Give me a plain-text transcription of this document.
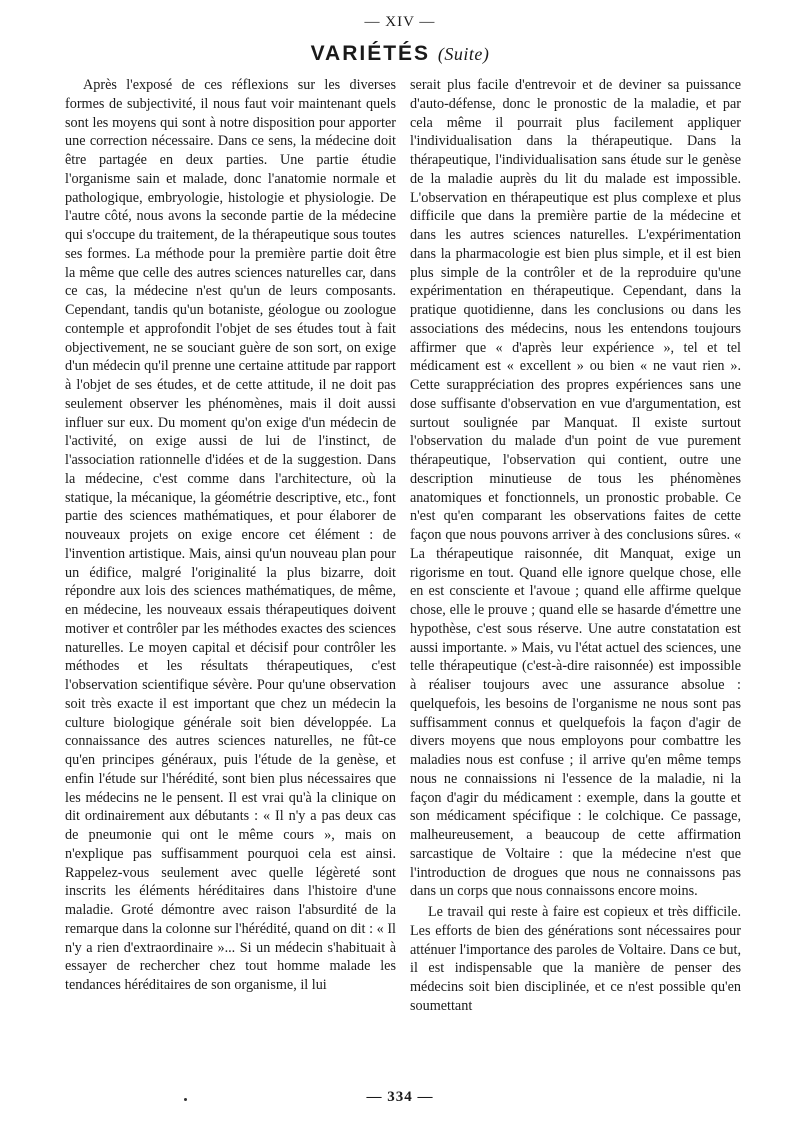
— XIV —
VARIÉTÉS (Suite)

Après l'exposé de ces réflexions sur les diverses formes de subjectivité, il nous faut voir maintenant quels sont les moyens qui sont à notre disposition pour apporter une correction nécessaire. Dans ce sens, la médecine doit être partagée en deux parties. Une partie étudie l'organisme sain et malade, donc l'anatomie normale et pathologique, embryologie, histologie et physiologie. De l'autre côté, nous avons la seconde partie de la médecine qui s'occupe du traitement, de la thérapeutique sous toutes ses formes. La méthode pour la première partie doit être la même que celle des autres sciences naturelles car, dans ce cas, la médecine n'est qu'un de leurs composants. Cependant, tandis qu'un botaniste, géologue ou zoologue contemple et approfondit l'objet de ses études tout à fait objectivement, ne se souciant guère de son sort, on exige d'un médecin qu'il prenne une certaine attitude par rapport à l'objet de ses études, et de cette attitude, il ne doit pas seulement observer les phénomènes, mais il doit aussi influer sur eux. Du moment qu'on exige d'un médecin de l'activité, on exige aussi de lui de l'instinct, de l'association rationnelle d'idées et de la suggestion. Dans la médecine, c'est comme dans l'architecture, où la statique, la mécanique, la géométrie descriptive, etc., font partie des sciences mathématiques, et pour élaborer de nouveaux projets on exige encore cet élément : de l'invention artistique. Mais, ainsi qu'un nouveau plan pour un édifice, malgré l'originalité la plus bizarre, doit répondre aux lois des sciences mathématiques, de même, en médecine, les nouveaux essais thérapeutiques doivent motiver et contrôler par les méthodes exactes des sciences naturelles. Le moyen capital et décisif pour contrôler les méthodes et les résultats thérapeutiques, c'est l'observation scientifique sévère. Pour qu'une observation soit très exacte il est important que chez un médecin la culture biologique générale soit bien développée. La connaissance des autres sciences naturelles, ne fût-ce qu'en principes généraux, puis l'étude de la genèse, et enfin l'étude sur l'hérédité, sont bien plus nécessaires que les médecins ne le pensent. Il est vrai qu'à la clinique on dit ordinairement aux débutants : « Il n'y a pas deux cas de pneumonie qui ont le même cours », mais on n'explique pas suffisamment pourquoi cela est ainsi. Rappelez-vous seulement avec quelle légèreté sont inscrits les éléments héréditaires dans l'histoire d'une maladie. Groté démontre avec raison l'absurdité de la remarque dans la colonne sur l'hérédité, quand on dit : « Il n'y a rien d'extraordinaire »... Si un médecin s'habituait à essayer de rechercher chez tout homme malade les tendances héréditaires de son organisme, il lui

serait plus facile d'entrevoir et de deviner sa puissance d'auto-défense, donc le pronostic de la maladie, et par cela même il pourrait plus facilement appliquer l'individualisation dans la thérapeutique. Dans la thérapeutique, l'individualisation sans étude sur le genèse de la maladie auprès du lit du malade est impossible. L'observation en thérapeutique est plus complexe et plus difficile que dans la première partie de la médecine et dans les autres sciences naturelles. L'expérimentation dans la pharmacologie est bien plus simple, et il est bien plus simple de la contrôler et de la reproduire qu'une expérimentation en thérapeutique. Cependant, dans la pratique quotidienne, dans les conclusions ou dans les associations des médecins, nous les entendons toujours affirmer que « d'après leur expérience », tel et tel médicament est « excellent » ou bien « ne vaut rien ». Cette surappréciation des propres expériences sans une dose suffisante d'observation en vue d'argumentation, est surtout soulignée par Manquat. Il existe surtout l'observation du malade d'un point de vue purement thérapeutique, l'observation qui contient, outre une description minutieuse de tous les phénomènes anatomiques et fonctionnels, un pronostic probable. Ce n'est qu'en comparant les observations faites de cette façon que nous pouvons arriver à des conclusions sûres. « La thérapeutique raisonnée, dit Manquat, exige un rigorisme en tout. Quand elle ignore quelque chose, elle en est consciente et l'avoue ; quand elle affirme quelque chose, elle le prouve ; quand elle se hasarde d'émettre une hypothèse, c'est sous réserve. Une autre constatation est aussi importante. » Mais, vu l'état actuel des sciences, une telle thérapeutique (c'est-à-dire raisonnée) est impossible à réaliser toujours avec une assurance absolue : quelquefois, les besoins de l'organisme ne nous sont pas suffisamment connus et quelquefois la façon d'agir de divers moyens que nous employons pour combattre les maladies nous est confuse ; il arrive qu'en même temps nous ne connaissions ni l'essence de la maladie, ni la façon d'agir du médicament : exemple, dans la goutte et son médicament spécifique : le colchique. Ce passage, malheureusement, a beaucoup de cette affirmation sarcastique de Voltaire : que la médecine n'est que l'introduction de drogues que nous ne connaissons pas dans un corps que nous connaissons encore moins.

Le travail qui reste à faire est copieux et très difficile. Les efforts de bien des générations sont nécessaires pour atténuer l'importance des paroles de Voltaire. Dans ce but, il est indispensable que la manière de penser des médecins soit bien disciplinée, et ce n'est possible qu'en soumettant

— 334 —
